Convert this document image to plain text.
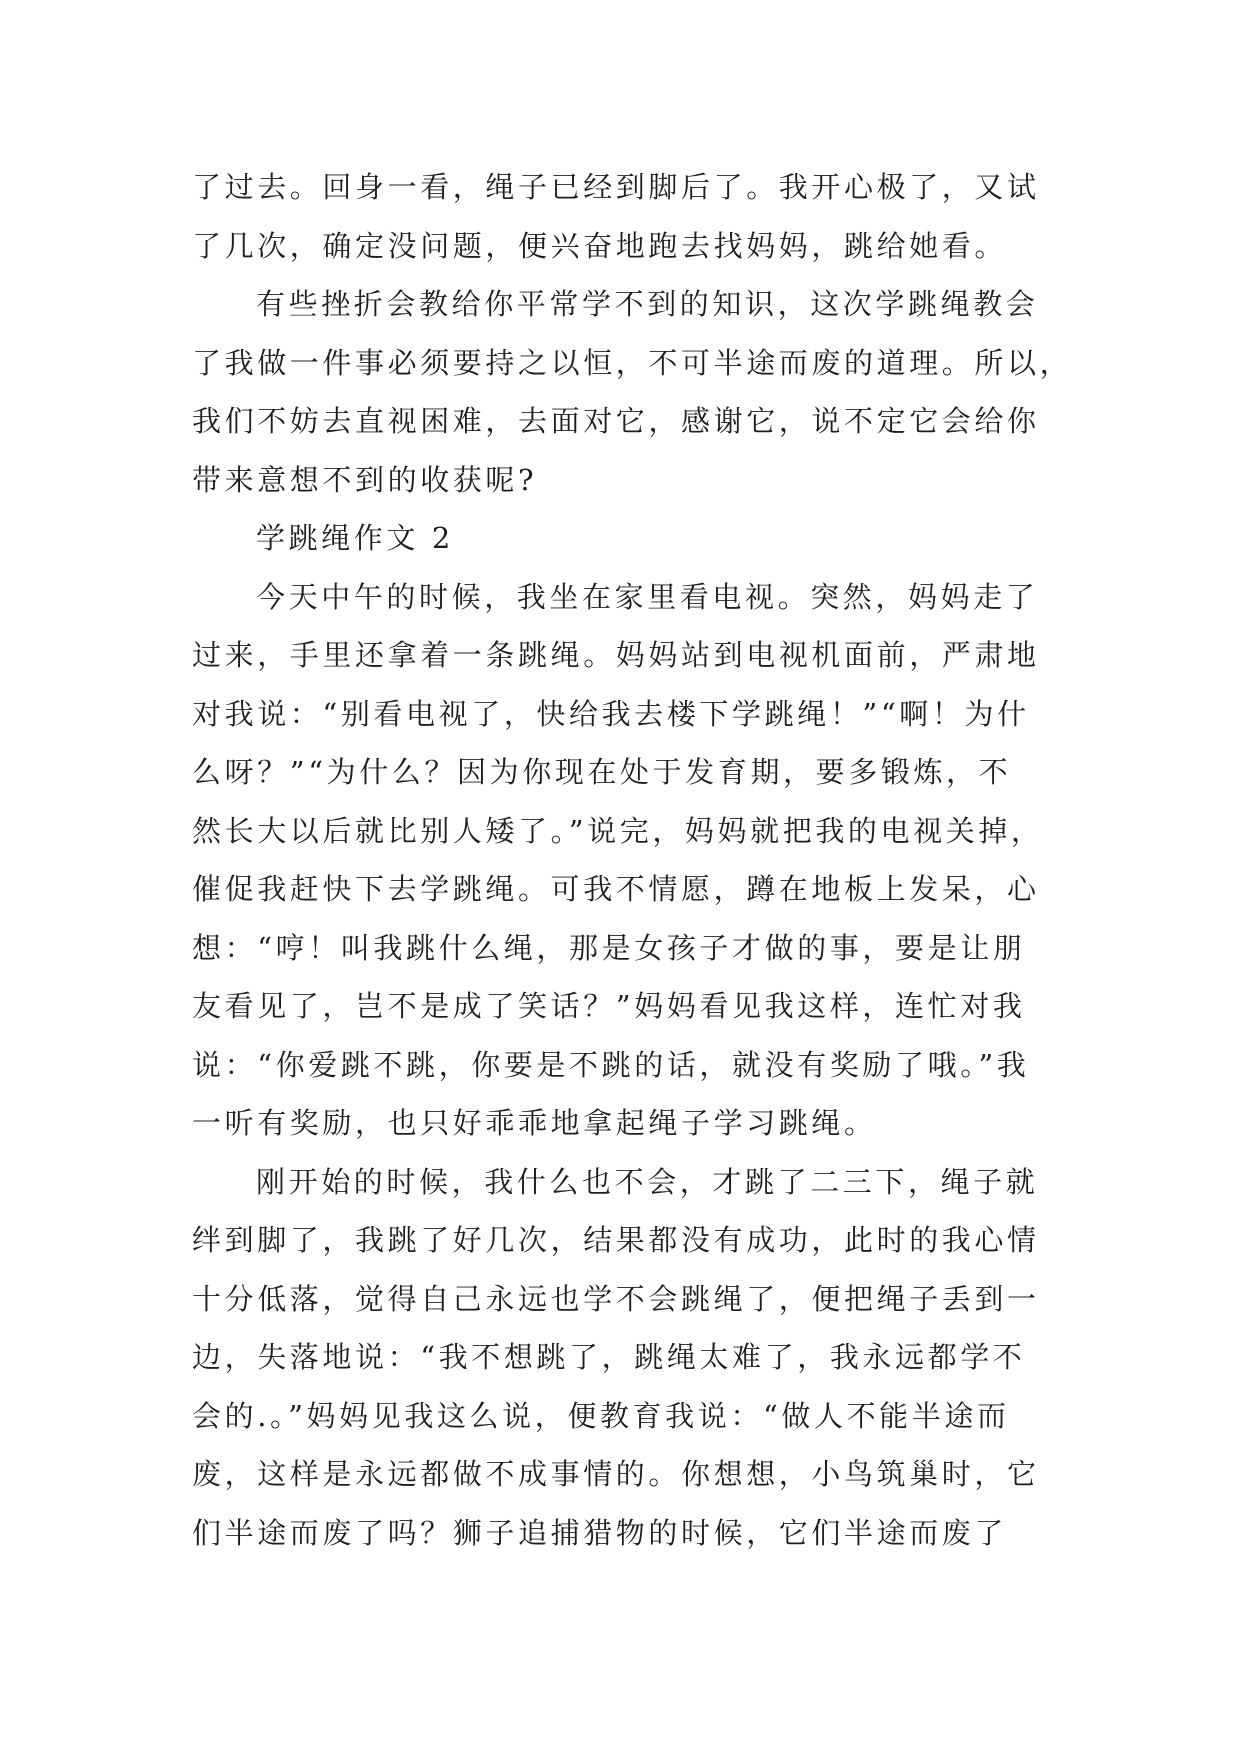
了过去。回身一看，绳子已经到脚后了。我开心极了，又试
了几次，确定没问题，便兴奋地跑去找妈妈，跳给她看。
有些挫折会教给你平常学不到的知识，这次学跳绳教会
了我做一件事必须要持之以恒，不可半途而废的道理。所以，
我们不妨去直视困难，去面对它，感谢它，说不定它会给你
带来意想不到的收获呢?
学跳绳作文 2
今天中午的时候，我坐在家里看电视。突然，妈妈走了
过来，手里还拿着一条跳绳。妈妈站到电视机面前，严肃地
对我说：“别看电视了，快给我去楼下学跳绳！”“啊！为什
么呀？”“为什么？因为你现在处于发育期，要多锻炼，不
然长大以后就比别人矮了。”说完，妈妈就把我的电视关掉，
催促我赶快下去学跳绳。可我不情愿，蹲在地板上发呆，心
想：“哼！叫我跳什么绳，那是女孩子才做的事，要是让朋
友看见了，岂不是成了笑话？”妈妈看见我这样，连忙对我
说：“你爱跳不跳，你要是不跳的话，就没有奖励了哦。”我
一听有奖励，也只好乖乖地拿起绳子学习跳绳。
刚开始的时候，我什么也不会，才跳了二三下，绳子就
绊到脚了，我跳了好几次，结果都没有成功，此时的我心情
十分低落，觉得自己永远也学不会跳绳了，便把绳子丢到一
边，失落地说：“我不想跳了，跳绳太难了，我永远都学不
会的.。”妈妈见我这么说，便教育我说：“做人不能半途而
废，这样是永远都做不成事情的。你想想，小鸟筑巢时，它
们半途而废了吗？狮子追捕猎物的时候，它们半途而废了
